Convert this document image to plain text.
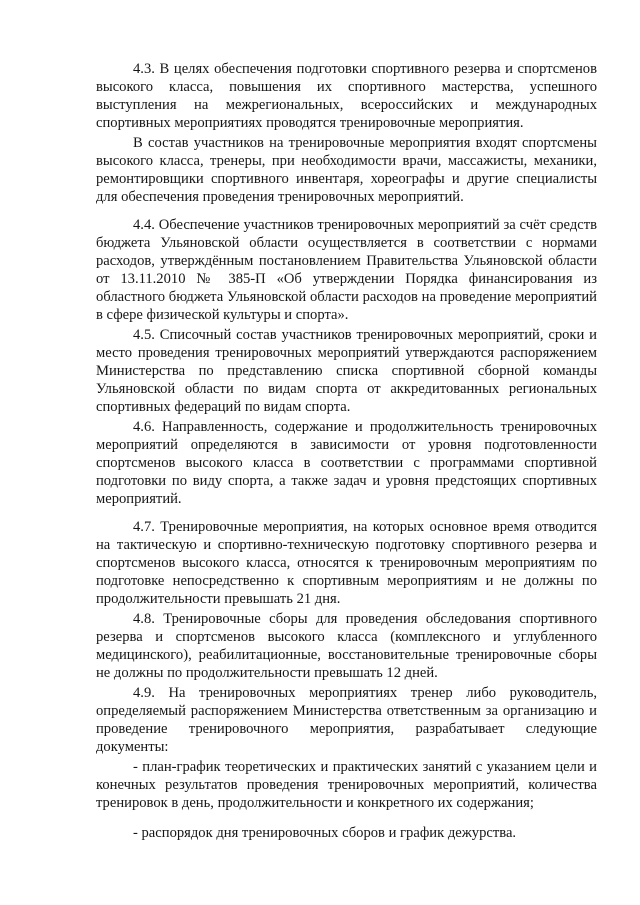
4.3. В целях обеспечения подготовки спортивного резерва и спортсменов высокого класса, повышения их спортивного мастерства, успешного выступления на межрегиональных, всероссийских и международных спортивных мероприятиях проводятся тренировочные мероприятия.

В состав участников на тренировочные мероприятия входят спортсмены высокого класса, тренеры, при необходимости врачи, массажисты, механики, ремонтировщики спортивного инвентаря, хореографы и другие специалисты для обеспечения проведения тренировочных мероприятий.

4.4. Обеспечение участников тренировочных мероприятий за счёт средств бюджета Ульяновской области осуществляется в соответствии с нормами расходов, утверждённым постановлением Правительства Ульяновской области от 13.11.2010 № 385-П «Об утверждении Порядка финансирования из областного бюджета Ульяновской области расходов на проведение мероприятий в сфере физической культуры и спорта».

4.5. Списочный состав участников тренировочных мероприятий, сроки и место проведения тренировочных мероприятий утверждаются распоряжением Министерства по представлению списка спортивной сборной команды Ульяновской области по видам спорта от аккредитованных региональных спортивных федераций по видам спорта.

4.6. Направленность, содержание и продолжительность тренировочных мероприятий определяются в зависимости от уровня подготовленности спортсменов высокого класса в соответствии с программами спортивной подготовки по виду спорта, а также задач и уровня предстоящих спортивных мероприятий.

4.7. Тренировочные мероприятия, на которых основное время отводится на тактическую и спортивно-техническую подготовку спортивного резерва и спортсменов высокого класса, относятся к тренировочным мероприятиям по подготовке непосредственно к спортивным мероприятиям и не должны по продолжительности превышать 21 дня.

4.8. Тренировочные сборы для проведения обследования спортивного резерва и спортсменов высокого класса (комплексного и углубленного медицинского), реабилитационные, восстановительные тренировочные сборы не должны по продолжительности превышать 12 дней.

4.9. На тренировочных мероприятиях тренер либо руководитель, определяемый распоряжением Министерства ответственным за организацию и проведение тренировочного мероприятия, разрабатывает следующие документы:

- план-график теоретических и практических занятий с указанием цели и конечных результатов проведения тренировочных мероприятий, количества тренировок в день, продолжительности и конкретного их содержания;

- распорядок дня тренировочных сборов и график дежурства.
